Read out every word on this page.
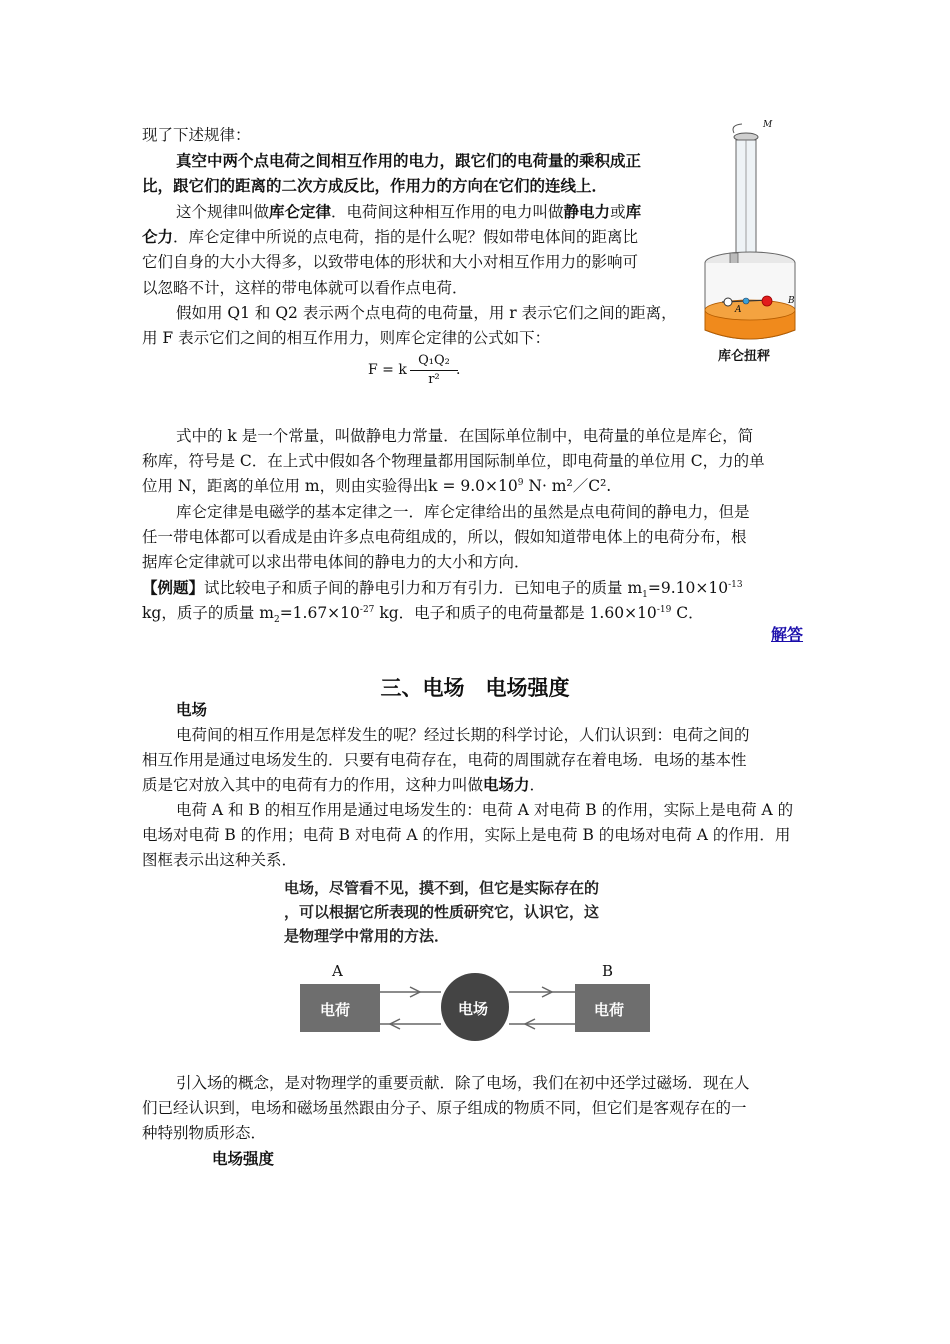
现了下述规律：
真空中两个点电荷之间相互作用的电力，跟它们的电荷量的乘积成正
比，跟它们的距离的二次方成反比，作用力的方向在它们的连线上．
这个规律叫做库仑定律．电荷间这种相互作用的电力叫做静电力或库
仑力．库仑定律中所说的点电荷，指的是什么呢？假如带电体间的距离比
它们自身的大小大得多，以致带电体的形状和大小对相互作用力的影响可
以忽略不计，这样的带电体就可以看作点电荷．
假如用 Q1 和 Q2 表示两个点电荷的电荷量，用 r 表示它们之间的距离，
用 F 表示它们之间的相互作用力，则库仑定律的公式如下：
F = k $\frac{\text{Q₁Q₂}}{\text{r²}}$
.
M
A
B
库仑扭秤
式中的 k 是一个常量，叫做静电力常量．在国际单位制中，电荷量的单位是库仑，简
称库，符号是 C．在上式中假如各个物理量都用国际制单位，即电荷量的单位用 C，力的单
位用 N，距离的单位用 m，则由实验得出$k = 9.0\times 10^9$ N· m²／C².
库仑定律是电磁学的基本定律之一．库仑定律给出的虽然是点电荷间的静电力，但是
任一带电体都可以看成是由许多点电荷组成的，所以，假如知道带电体上的电荷分布，根
据库仑定律就可以求出带电体间的静电力的大小和方向．
【例题】试比较电子和质子间的静电引力和万有引力．已知电子的质量 $m_1=9.10\times 10^{-13}$
kg，质子的质量 $m_2=1.67\times 10^{-27}$ kg．电子和质子的电荷量都是 $1.60\times 10^{-19}$ C．
解答
三、电场　电场强度
电场
电荷间的相互作用是怎样发生的呢？经过长期的科学讨论，人们认识到：电荷之间的
相互作用是通过电场发生的．只要有电荷存在，电荷的周围就存在着电场．电场的基本性
质是它对放入其中的电荷有力的作用，这种力叫做电场力．
电荷 A 和 B 的相互作用是通过电场发生的：电荷 A 对电荷 B 的作用，实际上是电荷 A 的
电场对电荷 B 的作用；电荷 B 对电荷 A 的作用，实际上是电荷 B 的电场对电荷 A 的作用．用
图框表示出这种关系．
电场，尽管看不见，摸不到，但它是实际存在的
，可以根据它所表现的性质研究它，认识它，这
是物理学中常用的方法．
A	B
电荷	电场	电荷
引入场的概念，是对物理学的重要贡献．除了电场，我们在初中还学过磁场．现在人
们已经认识到，电场和磁场虽然跟由分子、原子组成的物质不同，但它们是客观存在的一
种特别物质形态．
电场强度
